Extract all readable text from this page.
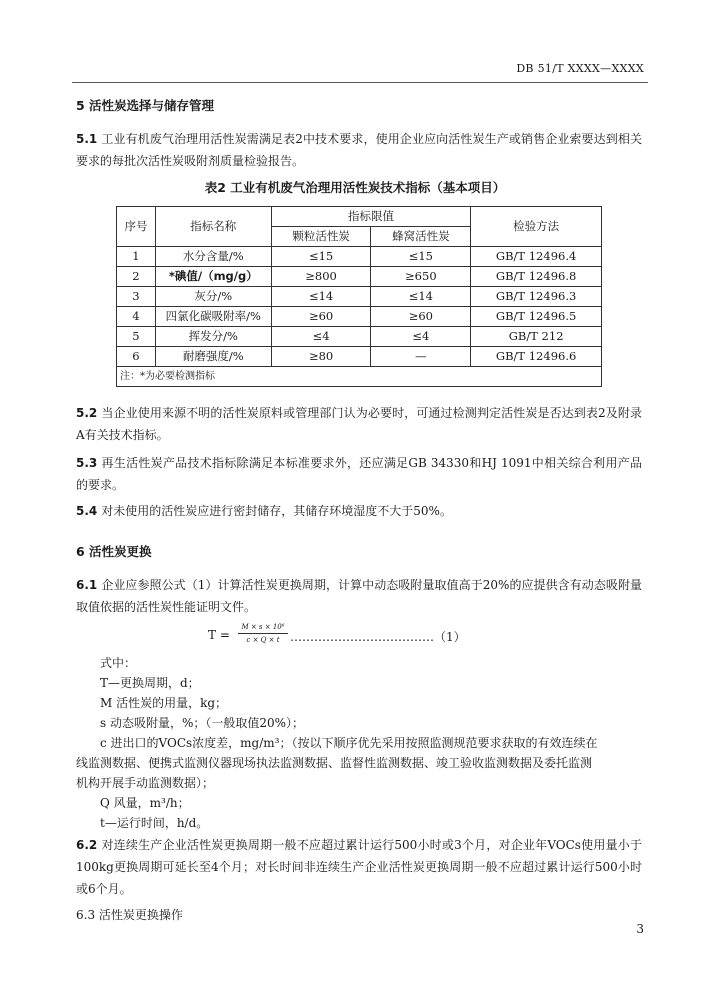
DB 51/T XXXX—XXXX
5 活性炭选择与储存管理
5.1 工业有机废气治理用活性炭需满足表2中技术要求，使用企业应向活性炭生产或销售企业索要达到相关要求的每批次活性炭吸附剂质量检验报告。
表2 工业有机废气治理用活性炭技术指标（基本项目）
序号	指标名称	指标限值		检验方法
		颗粒活性炭	蜂窝活性炭	
1	水分含量/%	≤15	≤15	GB/T 12496.4
2	*碘值/（mg/g）	≥800	≥650	GB/T 12496.8
3	灰分/%	≤14	≤14	GB/T 12496.3
4	四氯化碳吸附率/%	≥60	≥60	GB/T 12496.5
5	挥发分/%	≤4	≤4	GB/T 212
6	耐磨强度/%	≥80	—	GB/T 12496.6
注：*为必要检测指标				
5.2 当企业使用来源不明的活性炭原料或管理部门认为必要时，可通过检测判定活性炭是否达到表2及附录A有关技术指标。
5.3 再生活性炭产品技术指标除满足本标准要求外，还应满足GB 34330和HJ 1091中相关综合利用产品的要求。
5.4 对未使用的活性炭应进行密封储存，其储存环境湿度不大于50%。
6 活性炭更换
6.1 企业应参照公式（1）计算活性炭更换周期，计算中动态吸附量取值高于20%的应提供含有动态吸附量取值依据的活性炭性能证明文件。
T =
M × s × 10⁶
c × Q × t ………………………………（1）
式中：
T—更换周期，d；
M 活性炭的用量，kg；
s 动态吸附量，%；（一般取值20%）；
c 进出口的VOCs浓度差，mg/m³；（按以下顺序优先采用按照监测规范要求获取的有效连续在
线监测数据、便携式监测仪器现场执法监测数据、监督性监测数据、竣工验收监测数据及委托监测
机构开展手动监测数据）；
Q 风量，m³/h；
t—运行时间，h/d。
6.2 对连续生产企业活性炭更换周期一般不应超过累计运行500小时或3个月，对企业年VOCs使用量小于100kg更换周期可延长至4个月；对长时间非连续生产企业活性炭更换周期一般不应超过累计运行500小时或6个月。
6.3 活性炭更换操作
3
